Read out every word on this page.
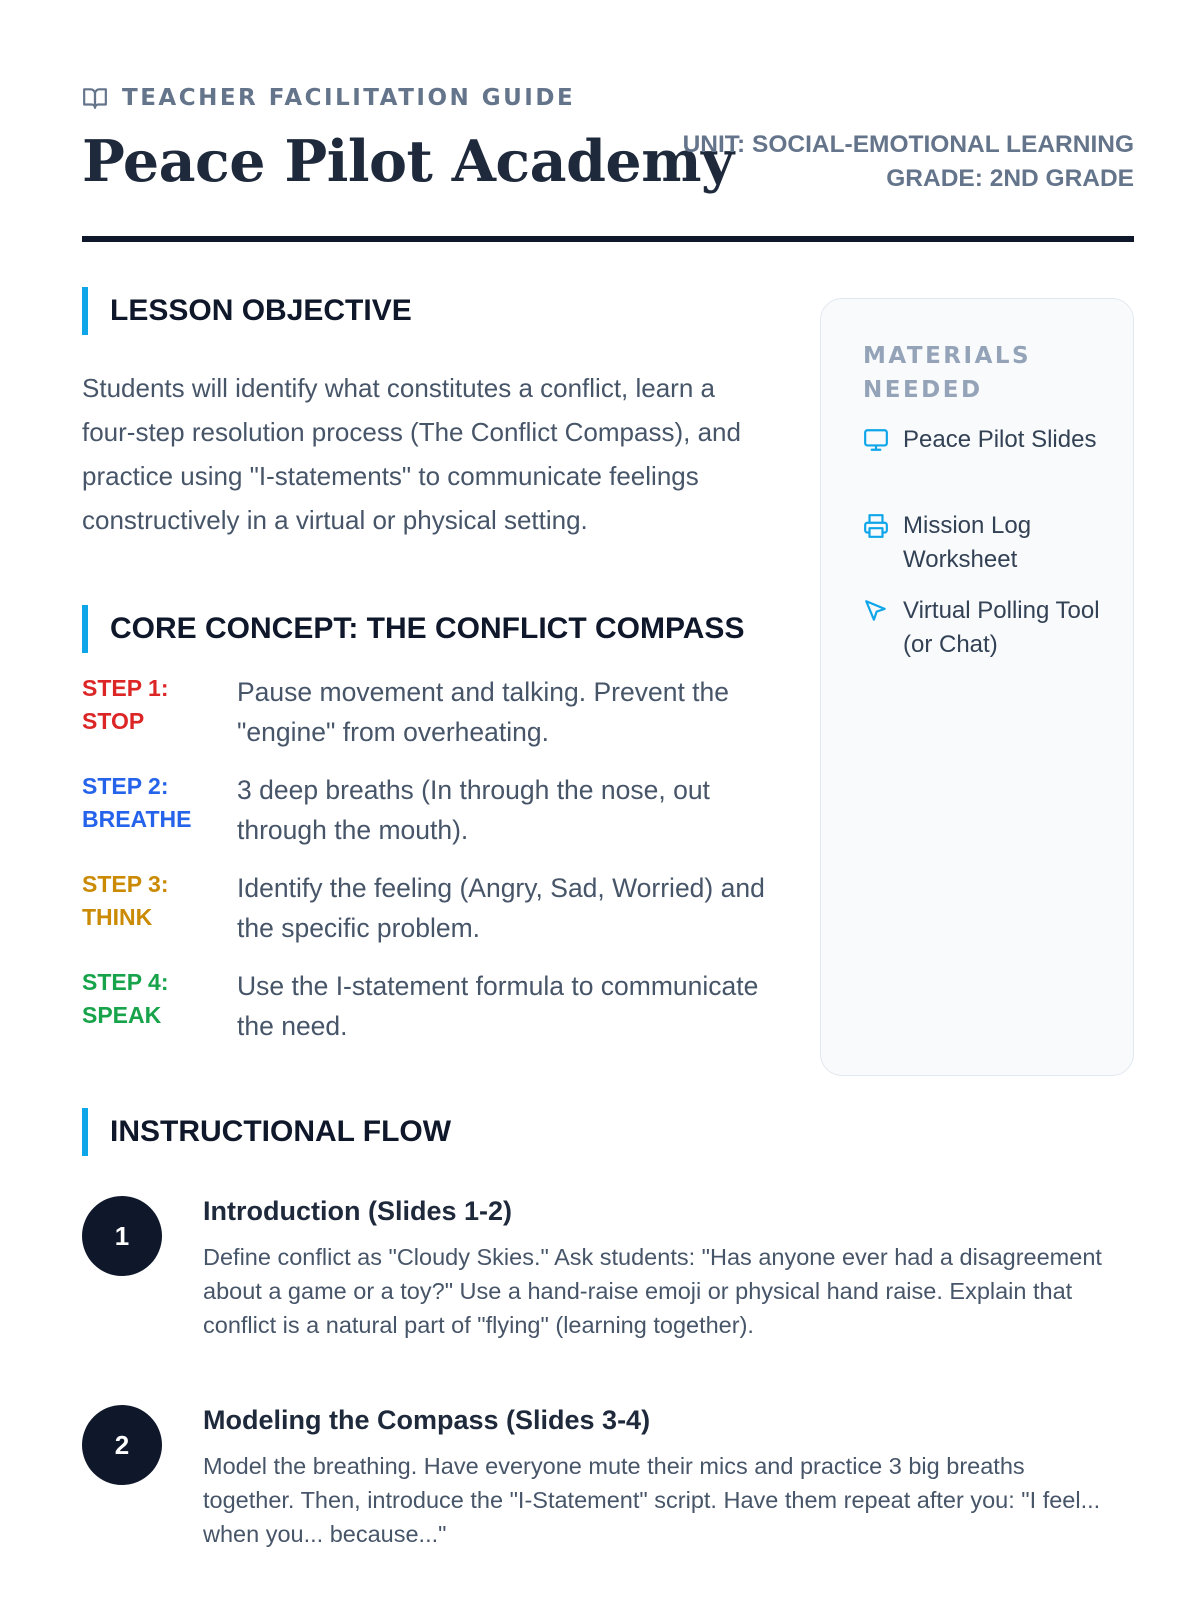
TEACHER FACILITATION GUIDE
Peace Pilot Academy
UNIT: SOCIAL-EMOTIONAL LEARNING
GRADE: 2ND GRADE
LESSON OBJECTIVE

Students will identify what constitutes a conflict, learn a four-step resolution process (The Conflict Compass), and practice using "I-statements" to communicate feelings constructively in a virtual or physical setting.

CORE CONCEPT: THE CONFLICT COMPASS
STEP 1:
STOP
Pause movement and talking. Prevent the "engine" from overheating.
STEP 2:
BREATHE
3 deep breaths (In through the nose, out through the mouth).
STEP 3:
THINK
Identify the feeling (Angry, Sad, Worried) and the specific problem.
STEP 4:
SPEAK
Use the I-statement formula to communicate the need.
MATERIALS NEEDED
Peace Pilot Slides
Mission Log Worksheet
Virtual Polling Tool (or Chat)
INSTRUCTIONAL FLOW
1
Introduction (Slides 1-2)

Define conflict as "Cloudy Skies." Ask students: "Has anyone ever had a disagreement about a game or a toy?" Use a hand-raise emoji or physical hand raise. Explain that conflict is a natural part of "flying" (learning together).

2
Modeling the Compass (Slides 3-4)

Model the breathing. Have everyone mute their mics and practice 3 big breaths together. Then, introduce the "I-Statement" script. Have them repeat after you: "I feel... when you... because..."
